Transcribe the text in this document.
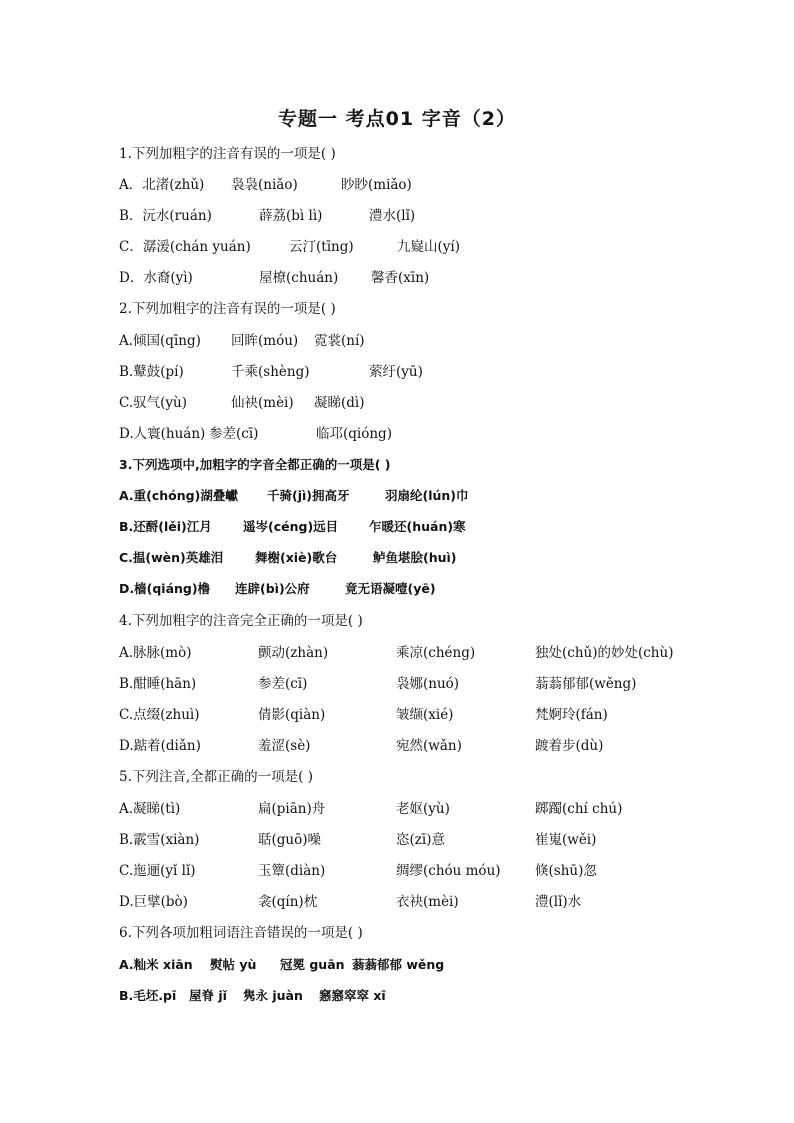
专题一 考点01 字音（2）
1.下列加粗字的注音有误的一项是( )
A．北渚(zhǔ) 袅袅(niǎo)	眇眇(miǎo)
B．沅水(ruán)	薜荔(bì lì)	澧水(lǐ)
C．潺湲(chán yuán)	云汀(tīng)	九嶷山(yí)
D．水裔(yì)	屋橑(chuán) 馨香(xīn)
2.下列加粗字的注音有误的一项是( )
A.倾国(qīng) 回眸(móu) 霓裳(ní)
B.鼙鼓(pí)	千乘(shèng)	萦纡(yū)
C.驭气(yù)	仙袂(mèi) 凝睇(dì)
D.人寰(huán) 参差(cī)	临邛(qióng)
3.下列选项中,加粗字的字音全都正确的一项是( )
A.重(chóng)湖叠巘 千骑(jì)拥高牙	羽扇纶(lún)巾
B.还酹(lěi)江月	遥岑(céng)远目 乍暖还(huán)寒
C.揾(wèn)英雄泪	舞榭(xiè)歌台	鲈鱼堪脍(huì)
D.樯(qiáng)橹 连辟(bì)公府	竟无语凝噎(yē)
4.下列加粗字的注音完全正确的一项是( )
A.脉脉(mò)	颤动(zhàn)	乘凉(chéng)	独处(chǔ)的妙处(chù)
B.酣睡(hān)	参差(cī)	袅娜(nuó)	蓊蓊郁郁(wěng)
C.点缀(zhuì)	倩影(qiàn)	皱缬(xié)	梵婀玲(fán)
D.踮着(diǎn)	羞涩(sè)	宛然(wǎn)	踱着步(dù)
5.下列注音,全都正确的一项是( )
A.凝睇(tì)	扁(piān)舟	老妪(yù)	踯躅(chí chú)
B.霰雪(xiàn)	聒(guō)噪	恣(zī)意	崔嵬(wěi)
C.迤逦(yǐ lǐ)	玉簟(diàn)	绸缪(chóu móu)	倏(shū)忽
D.巨擘(bò)	衾(qín)枕	衣袂(mèi)	澧(lǐ)水
6.下列各项加粗词语注音错误的一项是( )
A.籼米 xiān 熨帖 yù 冠冕 guān 蓊蓊郁郁 wěng
B.毛坯.pī 屋脊 jǐ 隽永 juàn 窸窸窣窣 xī
